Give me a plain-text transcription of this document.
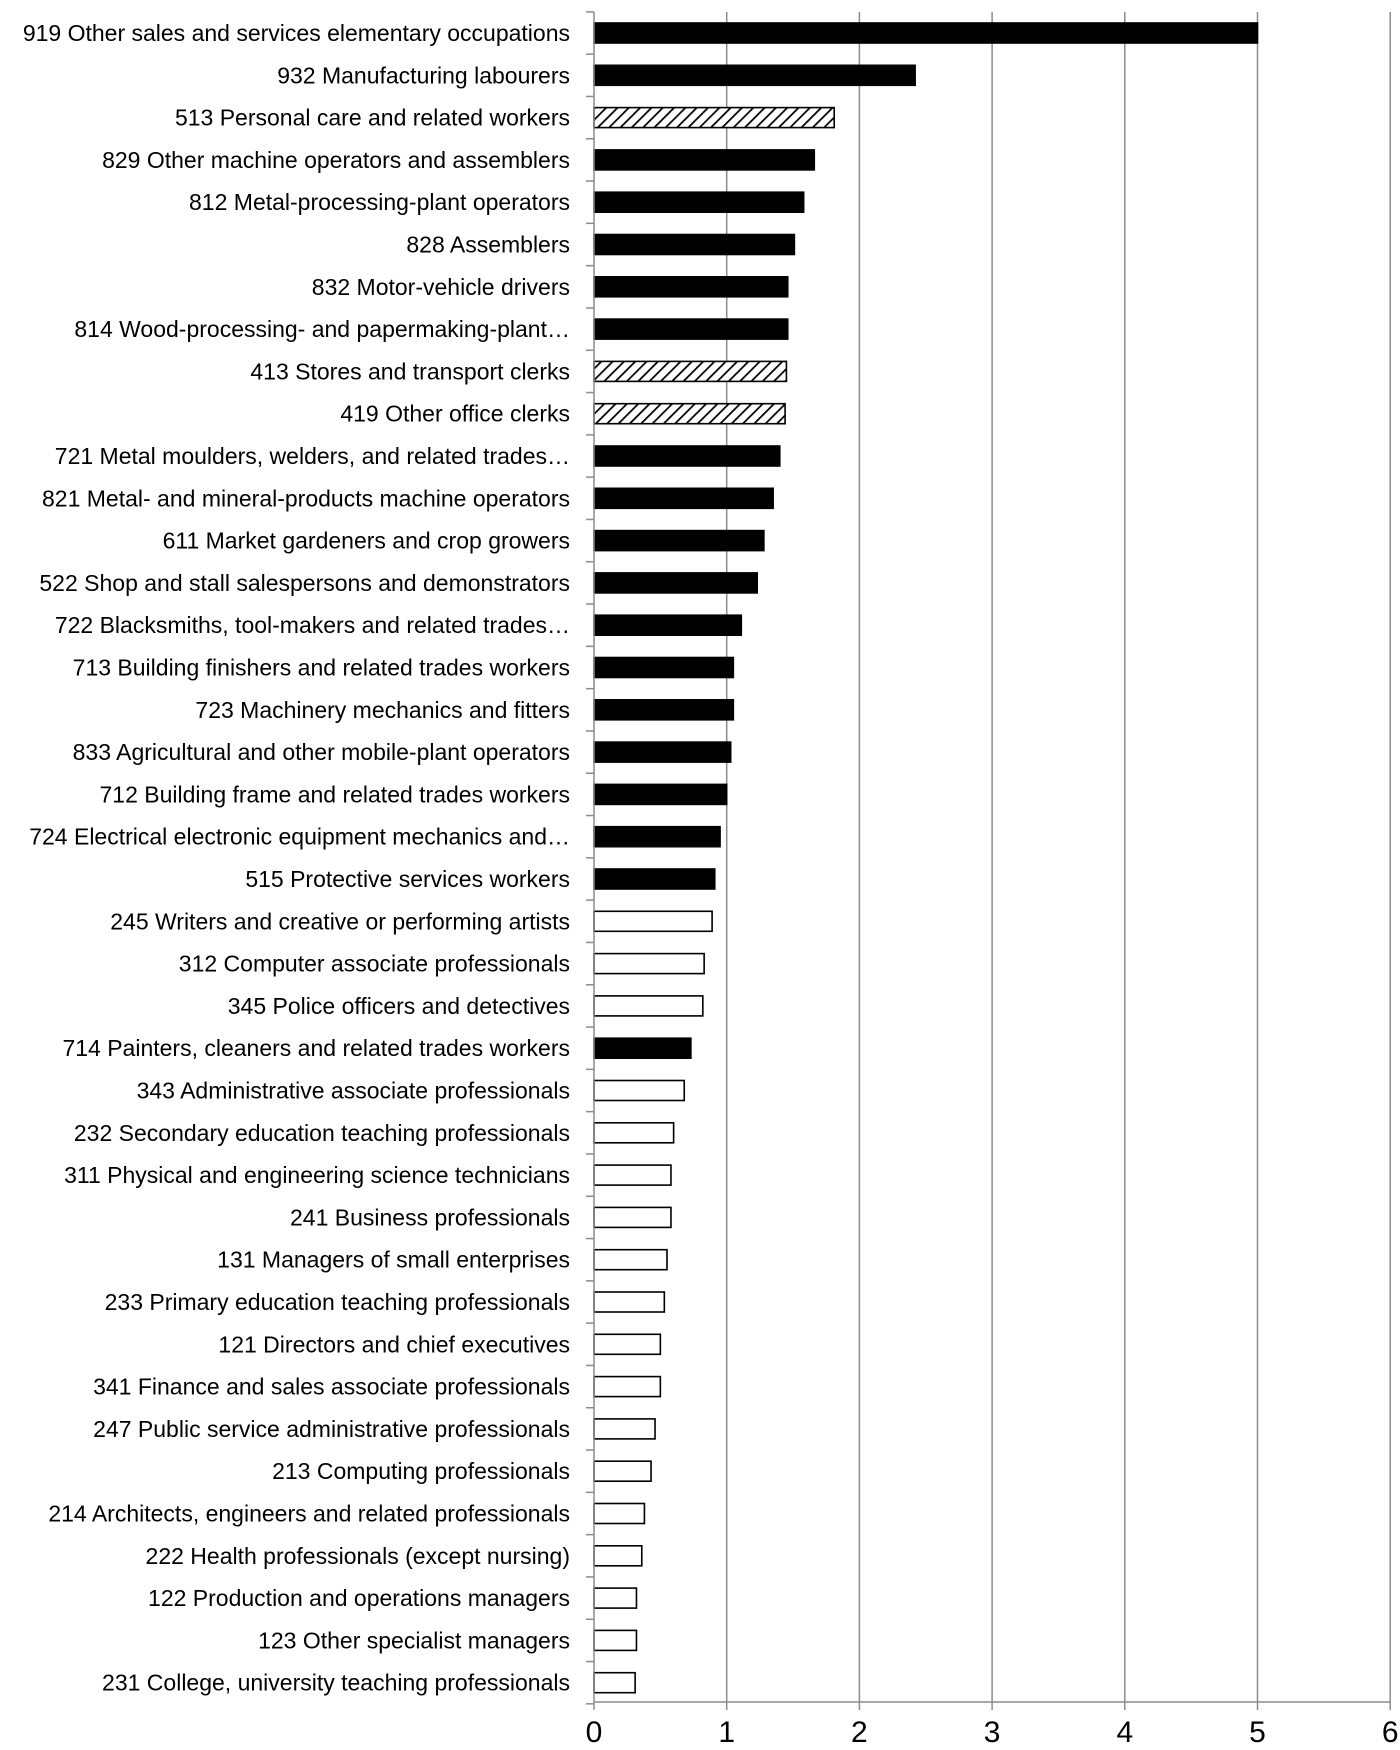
919 Other sales and services elementary occupations
932 Manufacturing labourers
513 Personal care and related workers
829 Other machine operators and assemblers
812 Metal-processing-plant operators
828 Assemblers
832 Motor-vehicle drivers
814 Wood-processing- and papermaking-plant…
413 Stores and transport clerks
419 Other office clerks
721 Metal moulders, welders, and related trades…
821 Metal- and mineral-products machine operators
611 Market gardeners and crop growers
522 Shop and stall salespersons and demonstrators
722 Blacksmiths, tool-makers and related trades…
713 Building finishers and related trades workers
723 Machinery mechanics and fitters
833 Agricultural and other mobile-plant operators
712 Building frame and related trades workers
724 Electrical electronic equipment mechanics and…
515 Protective services workers
245 Writers and creative or performing artists
312 Computer associate professionals
345 Police officers and detectives
714 Painters, cleaners and related trades workers
343 Administrative associate professionals
232 Secondary education teaching professionals
311 Physical and engineering science technicians
241 Business professionals
131 Managers of small enterprises
233 Primary education teaching professionals
121 Directors and chief executives
341 Finance and sales associate professionals
247 Public service administrative professionals
213 Computing professionals
214 Architects, engineers and related professionals
222 Health professionals (except nursing)
122 Production and operations managers
123 Other specialist managers
231 College, university teaching professionals
0	1	2	3	4	5	6
